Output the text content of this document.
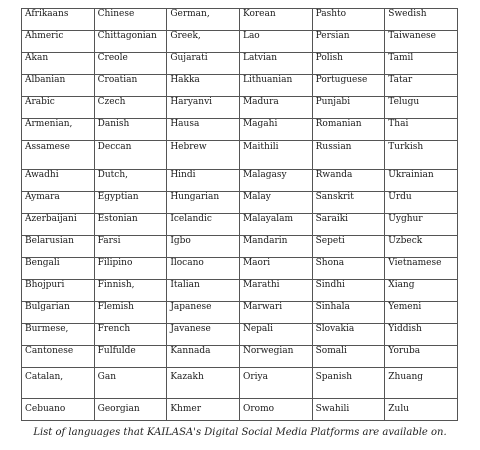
Afrikaans	Chinese	German,	Korean	Pashto	Swedish
Ahmeric	Chittagonian	Greek,	Lao	Persian	Taiwanese
Akan	Creole	Gujarati	Latvian	Polish	Tamil
Albanian	Croatian	Hakka	Lithuanian	Portuguese	Tatar
Arabic	Czech	Haryanvi	Madura	Punjabi	Telugu
Armenian,	Danish	Hausa	Magahi	Romanian	Thai
Assamese	Deccan	Hebrew	Maithili	Russian	Turkish
Awadhi	Dutch,	Hindi	Malagasy	Rwanda	Ukrainian
Aymara	Egyptian	Hungarian	Malay	Sanskrit	Urdu
Azerbaijani	Estonian	Icelandic	Malayalam	Saraiki	Uyghur
Belarusian	Farsi	Igbo	Mandarin	Sepeti	Uzbeck
Bengali	Filipino	Ilocano	Maori	Shona	Vietnamese
Bhojpuri	Finnish,	Italian	Marathi	Sindhi	Xiang
Bulgarian	Flemish	Japanese	Marwari	Sinhala	Yemeni
Burmese,	French	Javanese	Nepali	Slovakia	Yiddish
Cantonese	Fulfulde	Kannada	Norwegian	Somali	Yoruba
Catalan,	Gan	Kazakh	Oriya	Spanish	Zhuang
Cebuano	Georgian	Khmer	Oromo	Swahili	Zulu
List of languages that KAILASA's Digital Social Media Platforms are available on.
